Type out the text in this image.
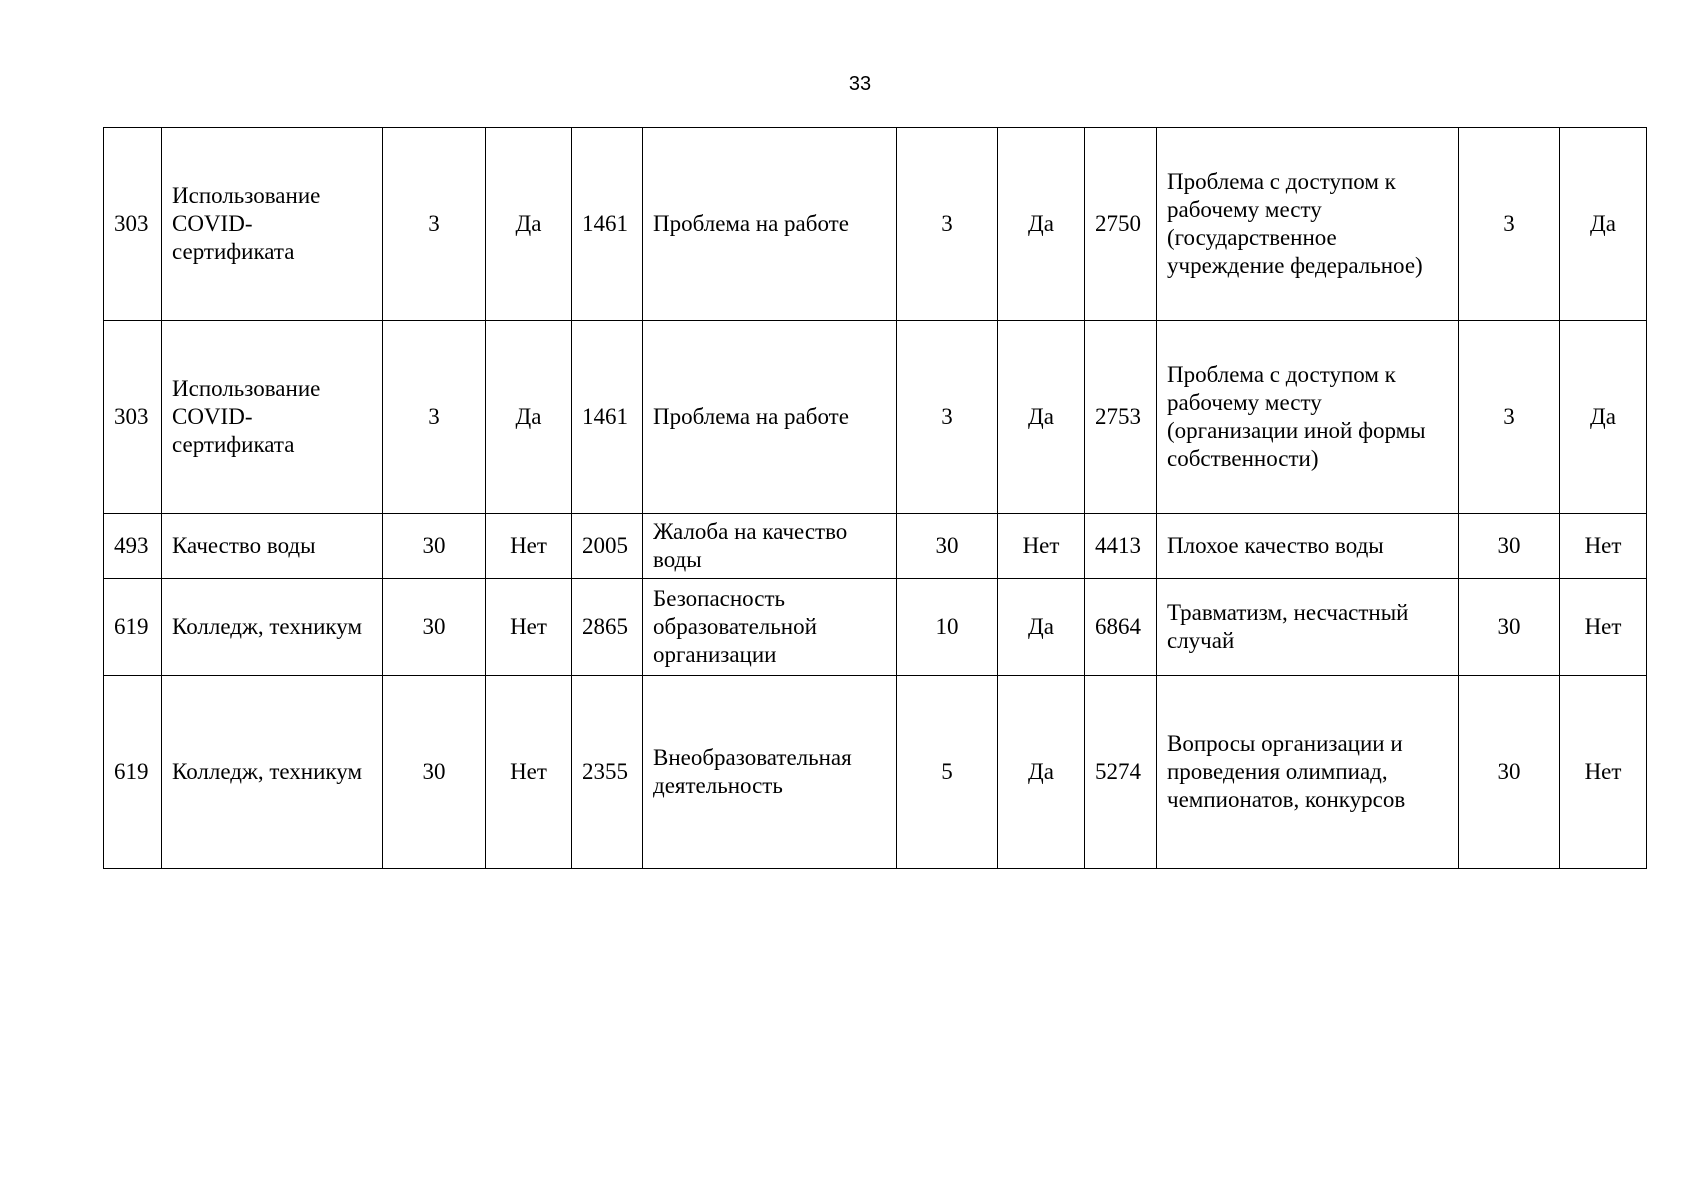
33
303	Использование COVID-сертификата	3	Да	1461	Проблема на работе	3	Да	2750	Проблема с доступом к рабочему месту (государственное учреждение федеральное)	3	Да
303	Использование COVID-сертификата	3	Да	1461	Проблема на работе	3	Да	2753	Проблема с доступом к рабочему месту (организации иной формы собственности)	3	Да
493	Качество воды	30	Нет	2005	Жалоба на качество воды	30	Нет	4413	Плохое качество воды	30	Нет
619	Колледж, техникум	30	Нет	2865	Безопасность образовательной организации	10	Да	6864	Травматизм, несчастный случай	30	Нет
619	Колледж, техникум	30	Нет	2355	Внеобразовательная деятельность	5	Да	5274	Вопросы организации и проведения олимпиад, чемпионатов, конкурсов	30	Нет
